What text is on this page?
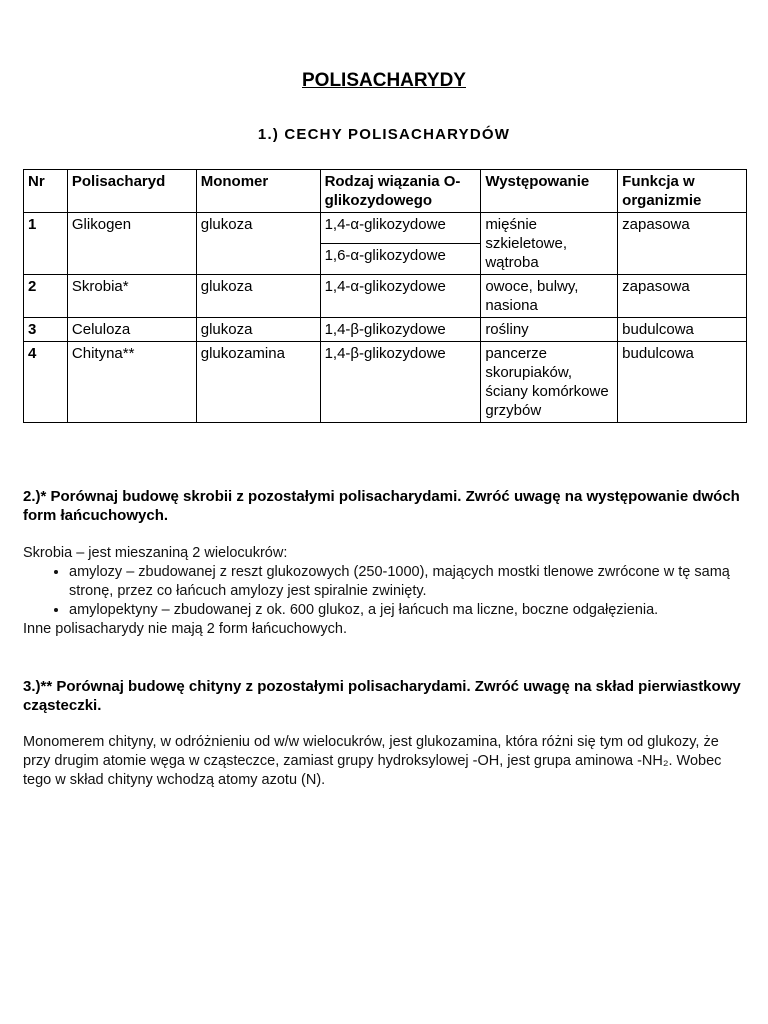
POLISACHARYDY
1.) CECHY POLISACHARYDÓW
Nr	Polisacharyd	Monomer	Rodzaj wiązania O-glikozydowego	Występowanie	Funkcja w organizmie
1	Glikogen	glukoza	1,4-α-glikozydowe	mięśnie szkieletowe, wątroba	zapasowa
			1,6-α-glikozydowe		
2	Skrobia*	glukoza	1,4-α-glikozydowe	owoce, bulwy, nasiona	zapasowa
3	Celuloza	glukoza	1,4-β-glikozydowe	rośliny	budulcowa
4	Chityna**	glukozamina	1,4-β-glikozydowe	pancerze skorupiaków, ściany komórkowe grzybów	budulcowa
2.)* Porównaj budowę skrobii z pozostałymi polisacharydami. Zwróć uwagę na występowanie dwóch form łańcuchowych.
Skrobia – jest mieszaniną 2 wielocukrów:
• amylozy – zbudowanej z reszt glukozowych (250-1000), mających mostki tlenowe zwrócone w tę samą stronę, przez co łańcuch amylozy jest spiralnie zwinięty.
• amylopektyny – zbudowanej z ok. 600 glukoz, a jej łańcuch ma liczne, boczne odgałęzienia.
Inne polisacharydy nie mają 2 form łańcuchowych.
3.)** Porównaj budowę chityny z pozostałymi polisacharydami. Zwróć uwagę na skład pierwiastkowy cząsteczki.
Monomerem chityny, w odróżnieniu od w/w wielocukrów, jest glukozamina, która różni się tym od glukozy, że przy drugim atomie węga w cząsteczce, zamiast grupy hydroksylowej -OH, jest grupa aminowa -NH₂. Wobec tego w skład chityny wchodzą atomy azotu (N).
